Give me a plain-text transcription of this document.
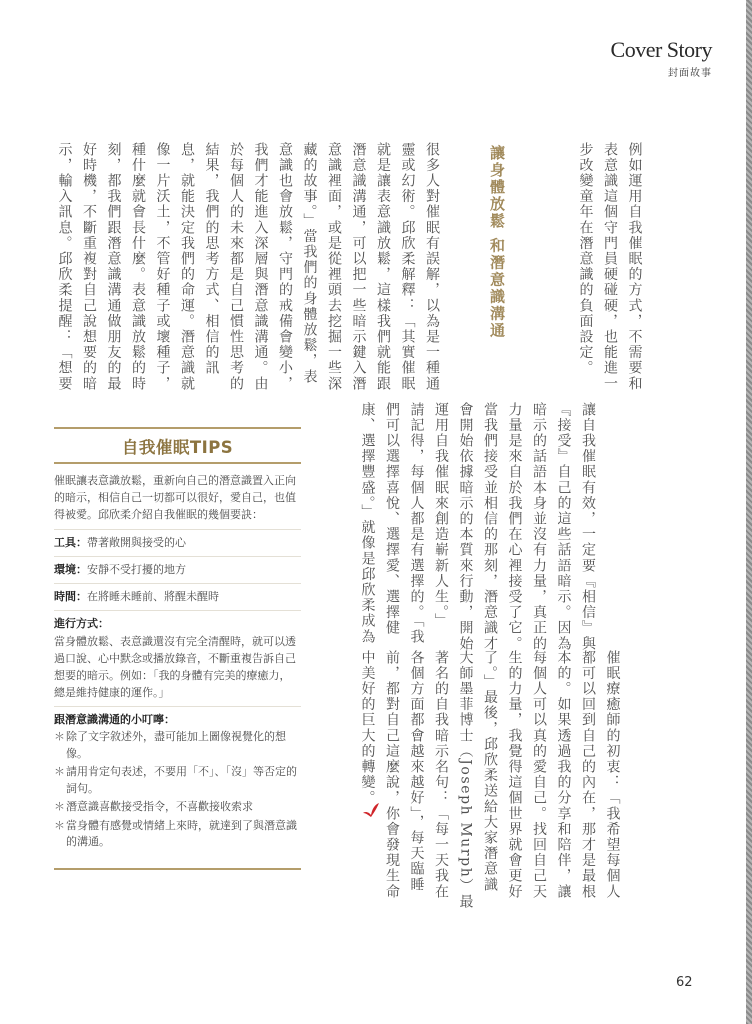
Cover Story
封面故事
例如運用自我催眠的方式，不需要和
表意識這個守門員硬碰硬，也能進一
步改變童年在潛意識的負面設定。
讓身體放鬆 和潛意識溝通
很多人對催眠有誤解，以為是一種通
靈或幻術。邱欣柔解釋：「其實催眠
就是讓表意識放鬆，這樣我們就能跟
潛意識溝通，可以把一些暗示鍵入潛
意識裡面，或是從裡頭去挖掘一些深
藏的故事。」當我們的身體放鬆，表
意識也會放鬆，守門的戒備會變小，
我們才能進入深層與潛意識溝通。由
於每個人的未來都是自己慣性思考的
結果，我們的思考方式、相信的訊
息，就能決定我們的命運。潛意識就
像一片沃土，不管好種子或壞種子，
種什麼就會長什麼。表意識放鬆的時
刻，都我們跟潛意識溝通做朋友的最
好時機，不斷重複對自己說想要的暗
示，輸入訊息。邱欣柔提醒：「想要
讓自我催眠有效，一定要『相信』與
『接受』自己的這些話語暗示。因為
暗示的話語本身並沒有力量，真正的
力量是來自於我們在心裡接受了它。
當我們接受並相信的那刻，潛意識才
會開始依據暗示的本質來行動，開始
運用自我催眠來創造嶄新人生。」
請記得，每個人都是有選擇的。「我
們可以選擇喜悅、選擇愛、選擇健
康、選擇豐盛。」就像是邱欣柔成為
催眠療癒師的初衷：「我希望每個人
都可以回到自己的內在，那才是最根
本的。如果透過我的分享和陪伴，讓
每個人可以真的愛自己。找回自己天
生的力量，我覺得這個世界就會更好
了。」最後，邱欣柔送給大家潛意識
大師墨菲博士（Joseph Murph）最
著名的自我暗示名句：「每一天我在
各個方面都會越來越好」，每天臨睡
前，都對自己這麼說，你會發現生命
中美好的巨大的轉變。
自我催眠TIPS
催眠讓表意識放鬆，重新向自己的潛意識置入正向的暗示，相信自己一切都可以很好，愛自己，也值得被愛。邱欣柔介紹自我催眠的幾個要訣：
工具：帶著敞開與接受的心
環境：安靜不受打擾的地方
時間：在將睡未睡前、將醒未醒時
進行方式：
當身體放鬆、表意識還沒有完全清醒時，就可以透過口說、心中默念或播放錄音，不斷重複告訴自己想要的暗示。例如：「我的身體有完美的療癒力，總是維持健康的運作。」
跟潛意識溝通的小叮嚀：
＊ 除了文字敘述外，盡可能加上圖像視覺化的想像。
＊ 請用肯定句表述，不要用「不」、「沒」等否定的詞句。
＊ 潛意識喜歡接受指令，不喜歡接收索求
＊ 當身體有感覺或情緒上來時，就達到了與潛意識的溝通。
62
